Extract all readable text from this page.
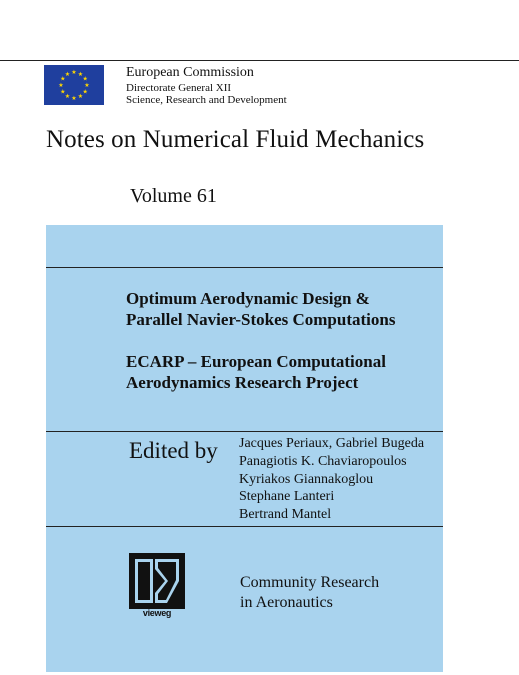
★ ★
★
★
★
★
★
★
★
★
★
★	European Commission
Directorate General XII
Science, Research and Development
Notes on Numerical Fluid Mechanics
Volume 61
Optimum Aerodynamic Design &
Parallel Navier-Stokes Computations
ECARP – European Computational
Aerodynamics Research Project
Edited by Jacques Periaux, Gabriel Bugeda
Panagiotis K. Chaviaropoulos
Kyriakos Giannakoglou
Stephane Lanteri
Bertrand Mantel
vieweg
Community Research
in Aeronautics
